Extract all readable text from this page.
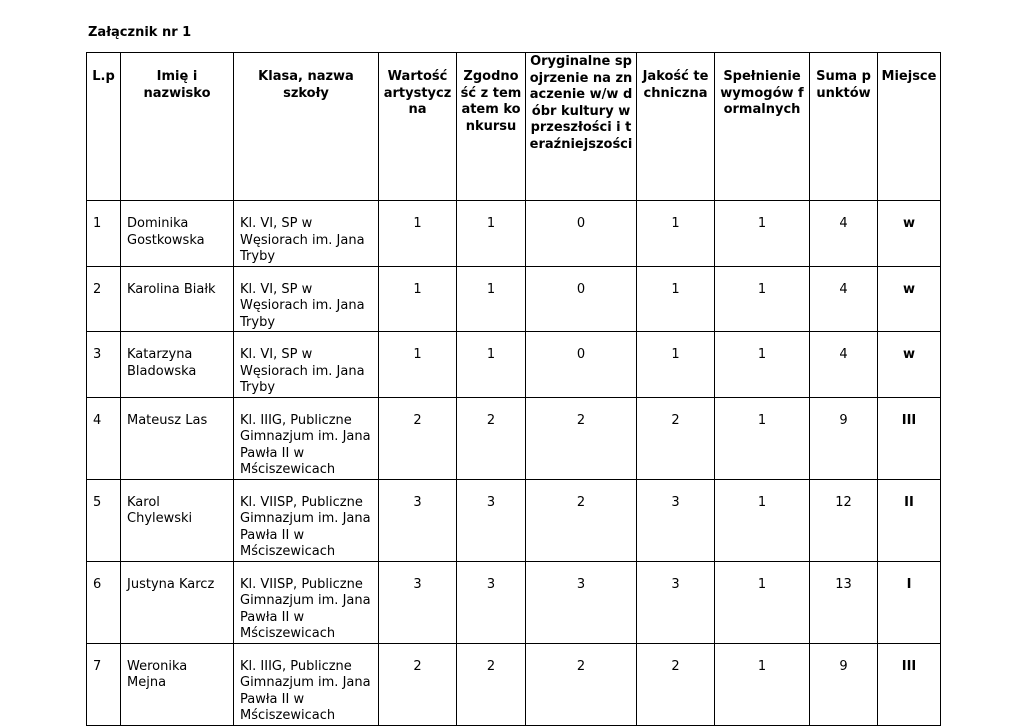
Załącznik nr 1
L.p	Imię i nazwisko	Klasa, nazwa szkoły	Wartość artystyczna	Zgodność z tematem konkursu	Oryginalne spojrzenie na znaczenie w/w dóbr kultury w przeszłości i teraźniejszości	Jakość techniczna	Spełnienie wymogów formalnych	Suma punktów	Miejsce
1	Dominika Gostkowska	Kl. VI, SP w Węsiorach im. Jana Tryby	1	1	0	1	1	4	w
2	Karolina Białk	Kl. VI, SP w Węsiorach im. Jana Tryby	1	1	0	1	1	4	w
3	Katarzyna Bladowska	Kl. VI, SP w Węsiorach im. Jana Tryby	1	1	0	1	1	4	w
4	Mateusz Las	Kl. IIIG, Publiczne Gimnazjum im. Jana Pawła II w Mściszewicach	2	2	2	2	1	9	III
5	Karol Chylewski	Kl. VIISP, Publiczne Gimnazjum im. Jana Pawła II w Mściszewicach	3	3	2	3	1	12	II
6	Justyna Karcz	Kl. VIISP, Publiczne Gimnazjum im. Jana Pawła II w Mściszewicach	3	3	3	3	1	13	I
7	Weronika Mejna	Kl. IIIG, Publiczne Gimnazjum im. Jana Pawła II w Mściszewicach	2	2	2	2	1	9	III
